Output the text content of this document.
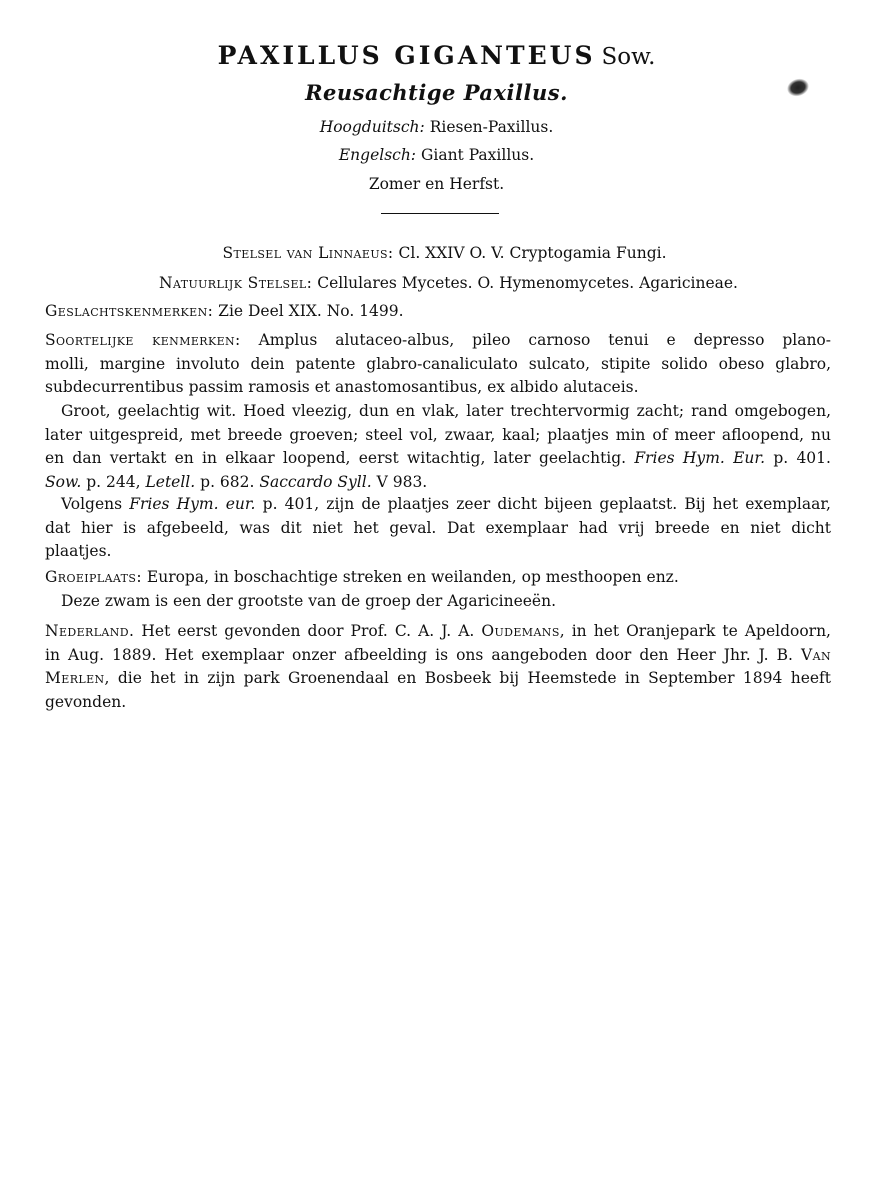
PAXILLUS GIGANTEUS Sow.
Reusachtige Paxillus.
Hoogduitsch: Riesen-Paxillus.
Engelsch: Giant Paxillus.
Zomer en Herfst.
Stelsel van Linnaeus: Cl. XXIV O. V. Cryptogamia Fungi.
Natuurlijk Stelsel: Cellulares Mycetes. O. Hymenomycetes. Agaricineae.
Geslachtskenmerken: Zie Deel XIX. No. 1499.
Soortelijke kenmerken: Amplus alutaceo-albus, pileo carnoso tenui e depresso plano-
molli, margine involuto dein patente glabro-canaliculato sulcato, stipite solido obeso glabro,
subdecurrentibus passim ramosis et anastomosantibus, ex albido alutaceis.
Groot, geelachtig wit. Hoed vleezig, dun en vlak, later trechtervormig zacht; rand omgebogen,
later uitgespreid, met breede groeven; steel vol, zwaar, kaal; plaatjes min of meer afloopend, nu
en dan vertakt en in elkaar loopend, eerst witachtig, later geelachtig. Fries Hym. Eur. p. 401.
Sow. p. 244, Letell. p. 682. Saccardo Syll. V 983.
Volgens Fries Hym. eur. p. 401, zijn de plaatjes zeer dicht bijeen geplaatst. Bij het exemplaar,
dat hier is afgebeeld, was dit niet het geval. Dat exemplaar had vrij breede en niet dicht
plaatjes.
Groeiplaats: Europa, in boschachtige streken en weilanden, op mesthoopen enz.
Deze zwam is een der grootste van de groep der Agaricineeën.
Nederland. Het eerst gevonden door Prof. C. A. J. A. Oudemans, in het Oranjepark te Apeldoorn,
in Aug. 1889. Het exemplaar onzer afbeelding is ons aangeboden door den Heer Jhr. J. B. Van
Merlen, die het in zijn park Groenendaal en Bosbeek bij Heemstede in September 1894 heeft
gevonden.
